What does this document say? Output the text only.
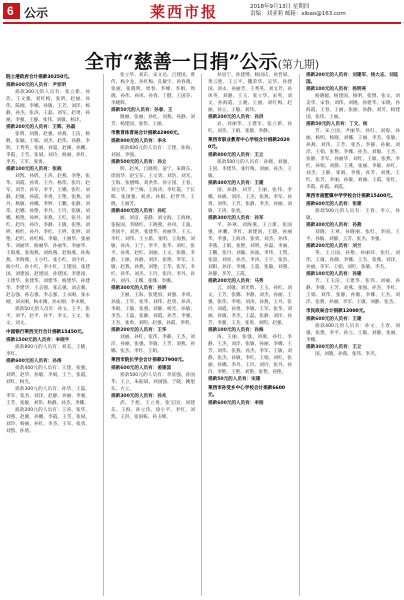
6 公示	莱西市报	2018年9月13日 星期四
责编：刘亚莉 邮箱：xibao@163.com
全市“慈善一日捐”公示(第九期)

院士港政府合计捐款30250元。

捐款600元的人员有：尹家明

捐款300元的人员有：张立新、孙浩、王文强、刘红梅、张明、赵丽、孙伟、陈刚、李娜、孙敏、王芳、刘洋、杨静、孙杰、张涛、王磊、刘军、赵勇、孙丽、李强、王静、张伟、刘敏、杨洋。

捐款200元的人员有：王辉、孙磊

张明、刘燕、赵强、孙燕、王洁、杨帆、张颖、王娟、刘杰、赵伟、孙静、李明、王秀英、张丽、刘超、赵刚、孙鹏、李霞、王雪、张斌、刘玲、杨丽、孙红、李杰、王军、张勇。

捐款100元的人员有：张晓

刘凯、孙倩、王涛、赵燕、李艳、张华、刘霞、孙勇、王丹、杨伟、张玲、赵军、刘芳、孙军、李平、王娜、张红、刘静、赵敏、孙霞、李勇、王艳、张燕、刘丹、杨敏、孙娜、李婷、王鹏、张静、刘伟、赵娜、孙艳、李丹、王玲、张敏、刘娜、杨艳、孙婷、李燕、王红、张丹、刘红、赵玲、孙玲、李静、王敏、张艳、刘婷、杨红、孙丹、李红、王婷、张婷、刘艳、赵红、孙红梅、李敏、王丽华、张丽华、刘丽华、杨丽华、孙丽华、李丽华、王海燕、张海燕、刘海燕、赵海燕、孙海燕、李海燕、王小红、张小红、刘小红、杨小红、孙小红、李小红、王建国、张建国、刘建国、赵建国、孙建国、李建国、王建华、张建华、刘建华、杨建华、孙建华、李建华、王志强、张志强、刘志强、赵志强、孙志强、李志强、王永刚、张永刚、刘永刚、杨永刚、孙永刚、李永刚。

捐款50元的人员有：孙文、王平、张平、刘平、赵平、孙平、李文、王文、张文、刘文。

中国银行莱西支行合计捐款15450元。

捐款1500元的人员有：李晓宇

捐款800元的人员有：刘美、王晓、李红。

捐款600元的人员有：孙涛

捐款400元的人员有：王建、张强、刘明、赵华、孙敏、李娟、王兰、张霞、刘红、杨光。

捐款300元的人员有：孙华、王磊、李军、张杰、刘洋、赵静、孙丽、李强、王芳、张敏、刘伟、杨静、孙杰、李娜。

捐款200元的人员有：王涛、张华、刘燕、赵刚、孙鹏、李霞、王雪、张斌、刘玲、杨丽、孙红、李杰、王军、张勇、刘凯、孙倩。

张立华、刘东、宋文达、吕建国、黄传、杨少龙、孙红梅、孔敏宇、孙春燕、张丽、张晓明、周春、李峰、李娟、周晓、孙伟、孙凤、孙春、丁健、王国芬、李晓辉。

捐款50元的人员有：孙春、王

晓丽、张丽、孙红、刘燕、孙静、刘芳、杨建国、张伟、王丽。

市教育体育局合计捐款42900元。

捐款800元的人员有：李永

捐款600元的人员有：王建、孙海、刘国、李强。

捐款500元的人员有：孙立

明、赵凤、吕晓明、姜宁、朱晓东、徐国华、赵宝东、王文勇、刘浩、刘光、王海、张德峰、刘洪伟、孙守国、王春、刘立华、李兰梅、王海涛、李红霞、于长晖、张国强、刘喜、孙殿、赵世华、王晓、王丽芳。

捐款400元的人员有：孙红

丽、刘彦、姜静、刘文海、王海林、张振国、李晓红、王晓燕、孙风、王波、李国平、刘洪、张建华、孙丽华、王玉、李红、刘伟、王立新、张明、王海燕、刘敏、孙涛、王宁、李平、张华、刘红、张平、孙勇、赵红、刘丽、王文、张敏、李静、王丽、孙静、刘洋、张艳、李军、王敏、赵燕、孙燕、刘艳、王华、张军、李红、孙华、刘杰、王玲、张玲、李丹、孙丹、刘丹、王娜、张娜、李娜。

捐款300元的人员有：孙明

王丽、王海、张建国、刘强、李勇、孙波、王军、张华、刘伟、赵勇、孙涛、李娟、王敏、张燕、刘静、杨光、孙敏、李杰、王磊、张静、刘霞、孙芳、李强、王杰、张勇、刘明、赵强、孙霞、李明。

捐款200元的人员有：王华

刘丽、孙红、张伟、李静、王杰、刘洋、孙丽、张强、李敏、王芳、刘燕、孙娜、张杰、李红、王娟。

莱西市院长学会合计捐款27900元。

捐款600元的人员有：姜建国

捐款500元的人员有：李富强、孙国华、王立、朱振斌、刘国强、于晓、姚旭东、方立。

捐款300元的人员有：孙兆

武、于旭、王立勇、张宝国、刘建东、王海、孙立伟、徐小平、李红、刘凯、王洪、张国栋、孙玉峰。

孙显宁、孙建博、杨国庆、孙晋斌、黄云胜、王云平、魏荣华、吴华、孙建国、刘永、孙丽芳、王秀英、刘文芳、孙凤英、刘静、王玉、张立华、宋英、刘文、孙海霞、王晓、王丽、刘红梅、赵丽、孙立、王敏、刘伟。

捐款200元的人员有：孙洪

岩、刘丽华、王建军、张立新、孙红、刘杰、王娟、张敏、李静。

莱西市职业教育中心学校合计捐款20200元。

捐款800元的人员有：王立

捐款500元的人员有：孙晓、刘强、王国、李建华、张红梅、刘丽、孙杰、王敏。

捐款400元的人员有：王建

国、孙静、刘芳、王丽、张伟、李娜、孙敏、刘洋、王杰、张燕、李军、孙勇、刘伟、王芳、张静、李杰、孙丽、刘敏、王涛、张勇。

捐款300元的人员有：孙军

平、孙翠、刘海燕、王立新、张国强、孙鹏、李红、刘建国、王晓、孙丽华、李强、王海涛、张勇、刘杰、孙伟、李燕、王娟、张艳、刘明、孙磊、李丽、王鹏、张丹、刘颖、孙波、李伟、王凯、张超、刘亮、孙杰、李涛、王宇、张浩、刘阳、孙洋、李刚、王超、张敏、刘燕、孙静、李芳、王霞。

捐款200元的人员有：马秀

云、刘敏、刘光辉、王玉、孙红、刘文、王芳、张娜、李静、刘杰、孙丽、王强、张伟、李娟、刘涛、孙燕、王丹、张玲、刘霞、孙勇、李敏、王军、张华、刘丽、孙敏、李杰、王磊、张静、刘洋、孙芳、李强、王杰、张勇、刘明、赵强。

捐款100元的人员有：孙海

涛、王丽、张强、刘燕、孙红、李静、王杰、刘洋、张敏、孙丽、李娜、王芳、刘伟、张燕、孙杰、李军、王敏、刘静、张杰、孙敏、李红、王娟、刘红、张丽、孙娜、李丹、王玲、刘玲、张丹、孙玲、李艳、王艳、刘艳、张艳、孙艳。

捐款50元的人员有：宋建

莱西市孙受乡中心学校合计捐款6600元。

捐款600元的人员有：李刚

捐款200元的人员有：刘建军、杨大志、刘延国。

捐款100元的人员有：杨明亮

杨晓媛、杨建国、杨明、张博、张文、刘美华、宋春、刘伟、刘晓、孙建华、宋晓、孙海霞、王春、王丽、张丽、孙静、刘芳、杨建国、张伟、王丽。

捐款50元的人员有：丁文、杨

芳、宋立国、尹丽华、孙红、刘海、孙丽、杨明、杨晓、刘娜、王丽、李杰、张敏、孙燕、刘伟、王芳、张杰、李静、孙敏、刘洋、王娟、张艳、李娜、孙杰、刘敏、王杰、张静、李军、孙丽华、刘红、王敏、张燕、李红、孙娟、刘静、王燕、张丽、李敏、孙红、刘杰、王静、张娟、李燕、孙芳、刘燕、王红、张芳、李丽、孙敏、刘丽、王霞、张红、李霞、孙霞、刘霞。

莱西市南墅镇中学学校合计捐款15400元。

捐款600元的人员有：张建

捐款500元的人员有：王春、李立、孙敏。

捐款300元的人员有：孙燕

刘晓、王翠、孙晓丽、张红、李国、王平、孙敏、刘静、王芳、张杰、李强。

捐款200元的人员有：刘兰

英、王立国、孙艳、孙丽萍、张红、刘伟、王敏、孙静、李娜、王杰、张燕、刘洋、孙丽、李军、王娟、刘红、张敏、李杰。

捐款100元的人员有：孙建

芳、王玉洁、王建华、张伟、刘丽、孙静、李敏、王芳、刘燕、张强、孙杰、李红、王娟、刘伟、张静、孙敏、李娜、王杰、刘洋、张燕、孙丽、李军、王敏、刘静、张杰。

市民政局合计捐款12000元。

捐款600元的人员有：王建

捐款400元的人员有：孙文、王春、刘强、张建、李平、孙立、王敏、刘静、张丽、李娜。

捐款300元的人员有：王立

国、刘晓、孙燕、张伟、李杰。
